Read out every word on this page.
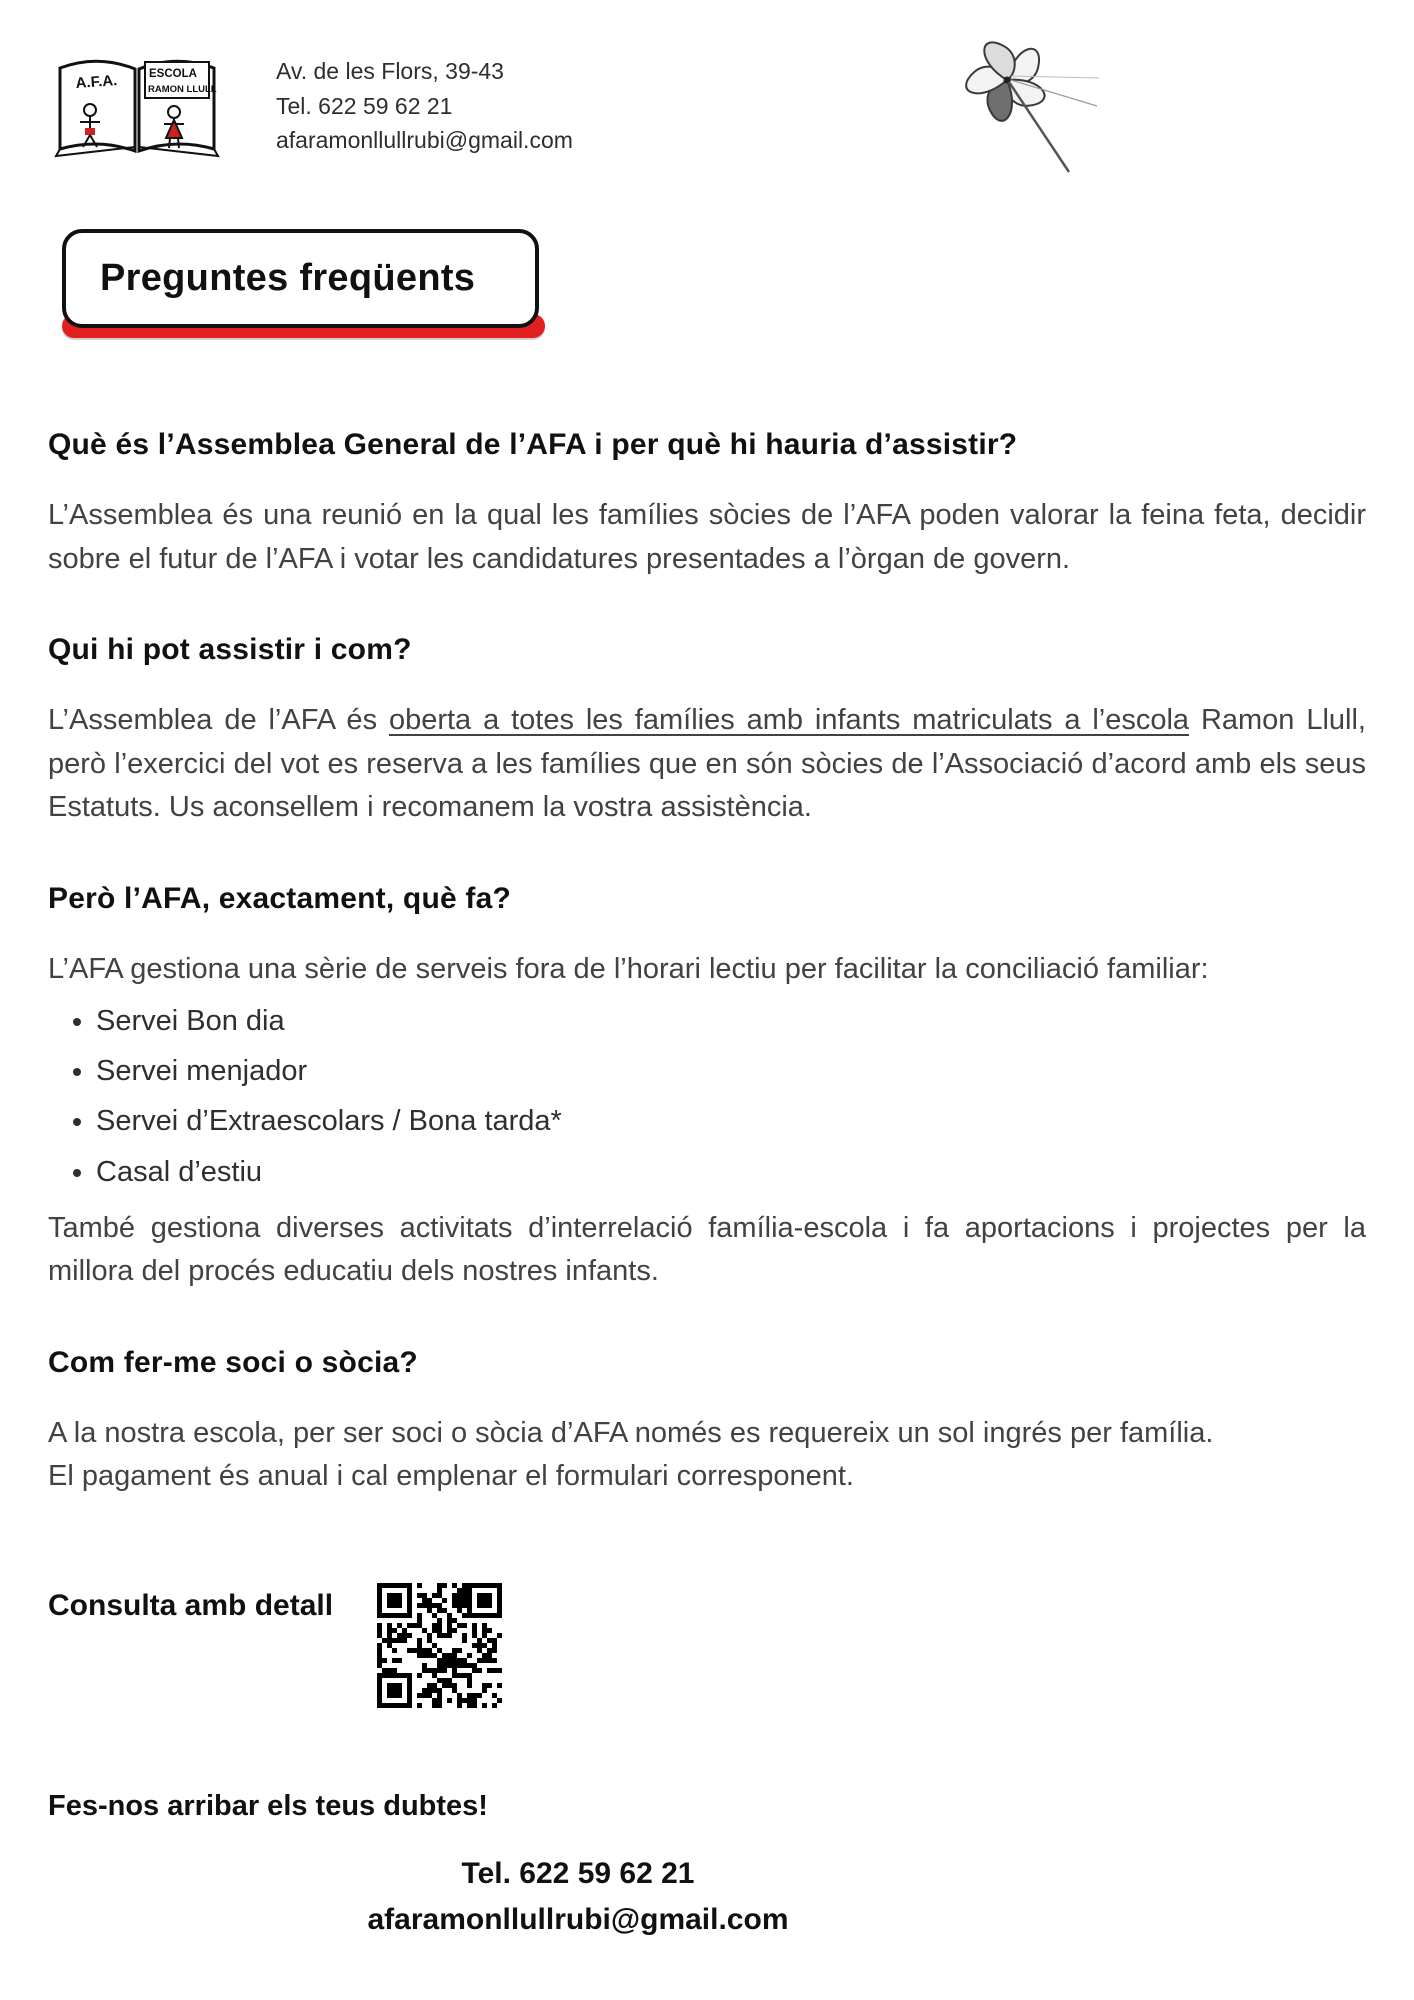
A.F.A.	ESCOLA
RAMON LLULL
Av. de les Flors, 39-43
Tel. 622 59 62 21
afaramonllullrubi@gmail.com
Preguntes freqüents
Què és l’Assemblea General de l’AFA i per què hi hauria d’assistir?

L’Assemblea és una reunió en la qual les famílies sòcies de l’AFA poden valorar la feina feta, decidir sobre el futur de l’AFA i votar les candidatures presentades a l’òrgan de govern.

Qui hi pot assistir i com?

L’Assemblea de l’AFA és oberta a totes les famílies amb infants matriculats a l’escola Ramon Llull, però l’exercici del vot es reserva a les famílies que en són sòcies de l’Associació d’acord amb els seus Estatuts. Us aconsellem i recomanem la vostra assistència.

Però l’AFA, exactament, què fa?

L’AFA gestiona una sèrie de serveis fora de l’horari lectiu per facilitar la conciliació familiar:

• Servei Bon dia
• Servei menjador
• Servei d’Extraescolars / Bona tarda*
• Casal d’estiu

També gestiona diverses activitats d’interrelació família-escola i fa aportacions i projectes per la millora del procés educatiu dels nostres infants.

Com fer-me soci o sòcia?

A la nostra escola, per ser soci o sòcia d’AFA només es requereix un sol ingrés per família.
El pagament és anual i cal emplenar el formulari corresponent.

Consulta amb detall
Fes-nos arribar els teus dubtes!
Tel. 622 59 62 21
afaramonllullrubi@gmail.com
